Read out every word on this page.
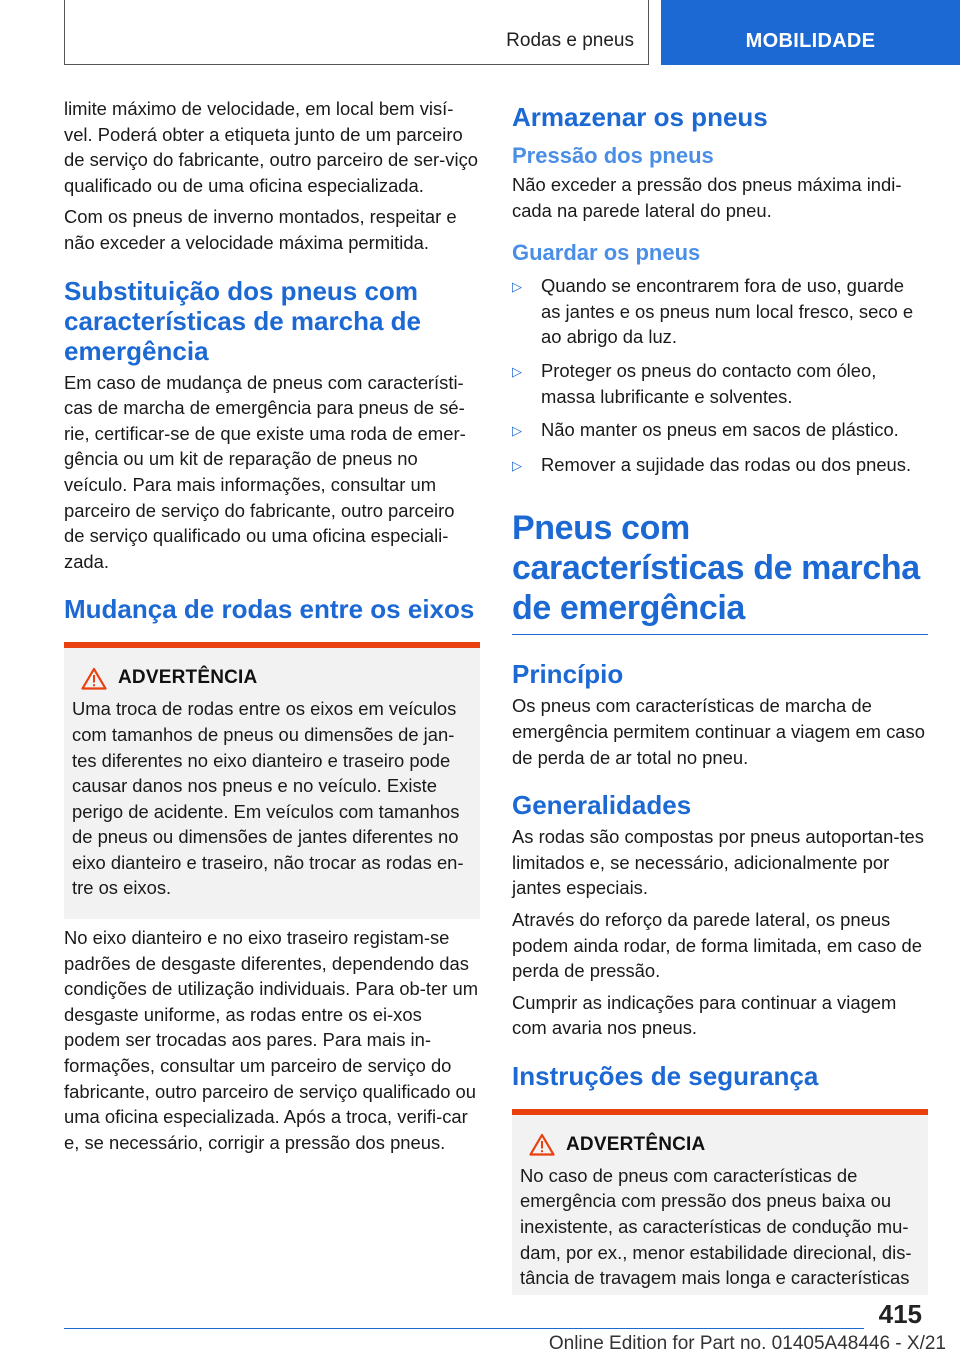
Rodas e pneus	MOBILIDADE

limite máximo de velocidade, em local bem visí-vel. Poderá obter a etiqueta junto de um parceiro de serviço do fabricante, outro parceiro de ser-viço qualificado ou de uma oficina especializada.

Com os pneus de inverno montados, respeitar e não exceder a velocidade máxima permitida.

Substituição dos pneus com características de marcha de emergência

Em caso de mudança de pneus com característi-cas de marcha de emergência para pneus de sé-rie, certificar-se de que existe uma roda de emer-gência ou um kit de reparação de pneus no veículo. Para mais informações, consultar um parceiro de serviço do fabricante, outro parceiro de serviço qualificado ou uma oficina especiali-zada.

Mudança de rodas entre os eixos
ADVERTÊNCIA

Uma troca de rodas entre os eixos em veículos com tamanhos de pneus ou dimensões de jan-tes diferentes no eixo dianteiro e traseiro pode causar danos nos pneus e no veículo. Existe perigo de acidente. Em veículos com tamanhos de pneus ou dimensões de jantes diferentes no eixo dianteiro e traseiro, não trocar as rodas en-tre os eixos.

No eixo dianteiro e no eixo traseiro registam-se padrões de desgaste diferentes, dependendo das condições de utilização individuais. Para ob-ter um desgaste uniforme, as rodas entre os ei-xos podem ser trocadas aos pares. Para mais in-formações, consultar um parceiro de serviço do fabricante, outro parceiro de serviço qualificado ou uma oficina especializada. Após a troca, verifi-car e, se necessário, corrigir a pressão dos pneus.

Armazenar os pneus
Pressão dos pneus

Não exceder a pressão dos pneus máxima indi-cada na parede lateral do pneu.

Guardar os pneus
▷	Quando se encontrarem fora de uso, guarde as jantes e os pneus num local fresco, seco e ao abrigo da luz.
▷	Proteger os pneus do contacto com óleo, massa lubrificante e solventes.
▷	Não manter os pneus em sacos de plástico.
▷	Remover a sujidade das rodas ou dos pneus.
Pneus com características de marcha de emergência
Princípio

Os pneus com características de marcha de emergência permitem continuar a viagem em caso de perda de ar total no pneu.

Generalidades

As rodas são compostas por pneus autoportan-tes limitados e, se necessário, adicionalmente por jantes especiais.

Através do reforço da parede lateral, os pneus podem ainda rodar, de forma limitada, em caso de perda de pressão.

Cumprir as indicações para continuar a viagem com avaria nos pneus.

Instruções de segurança
ADVERTÊNCIA

No caso de pneus com características de emergência com pressão dos pneus baixa ou inexistente, as características de condução mu-dam, por ex., menor estabilidade direcional, dis-tância de travagem mais longa e características

415
Online Edition for Part no. 01405A48446 - X/21
